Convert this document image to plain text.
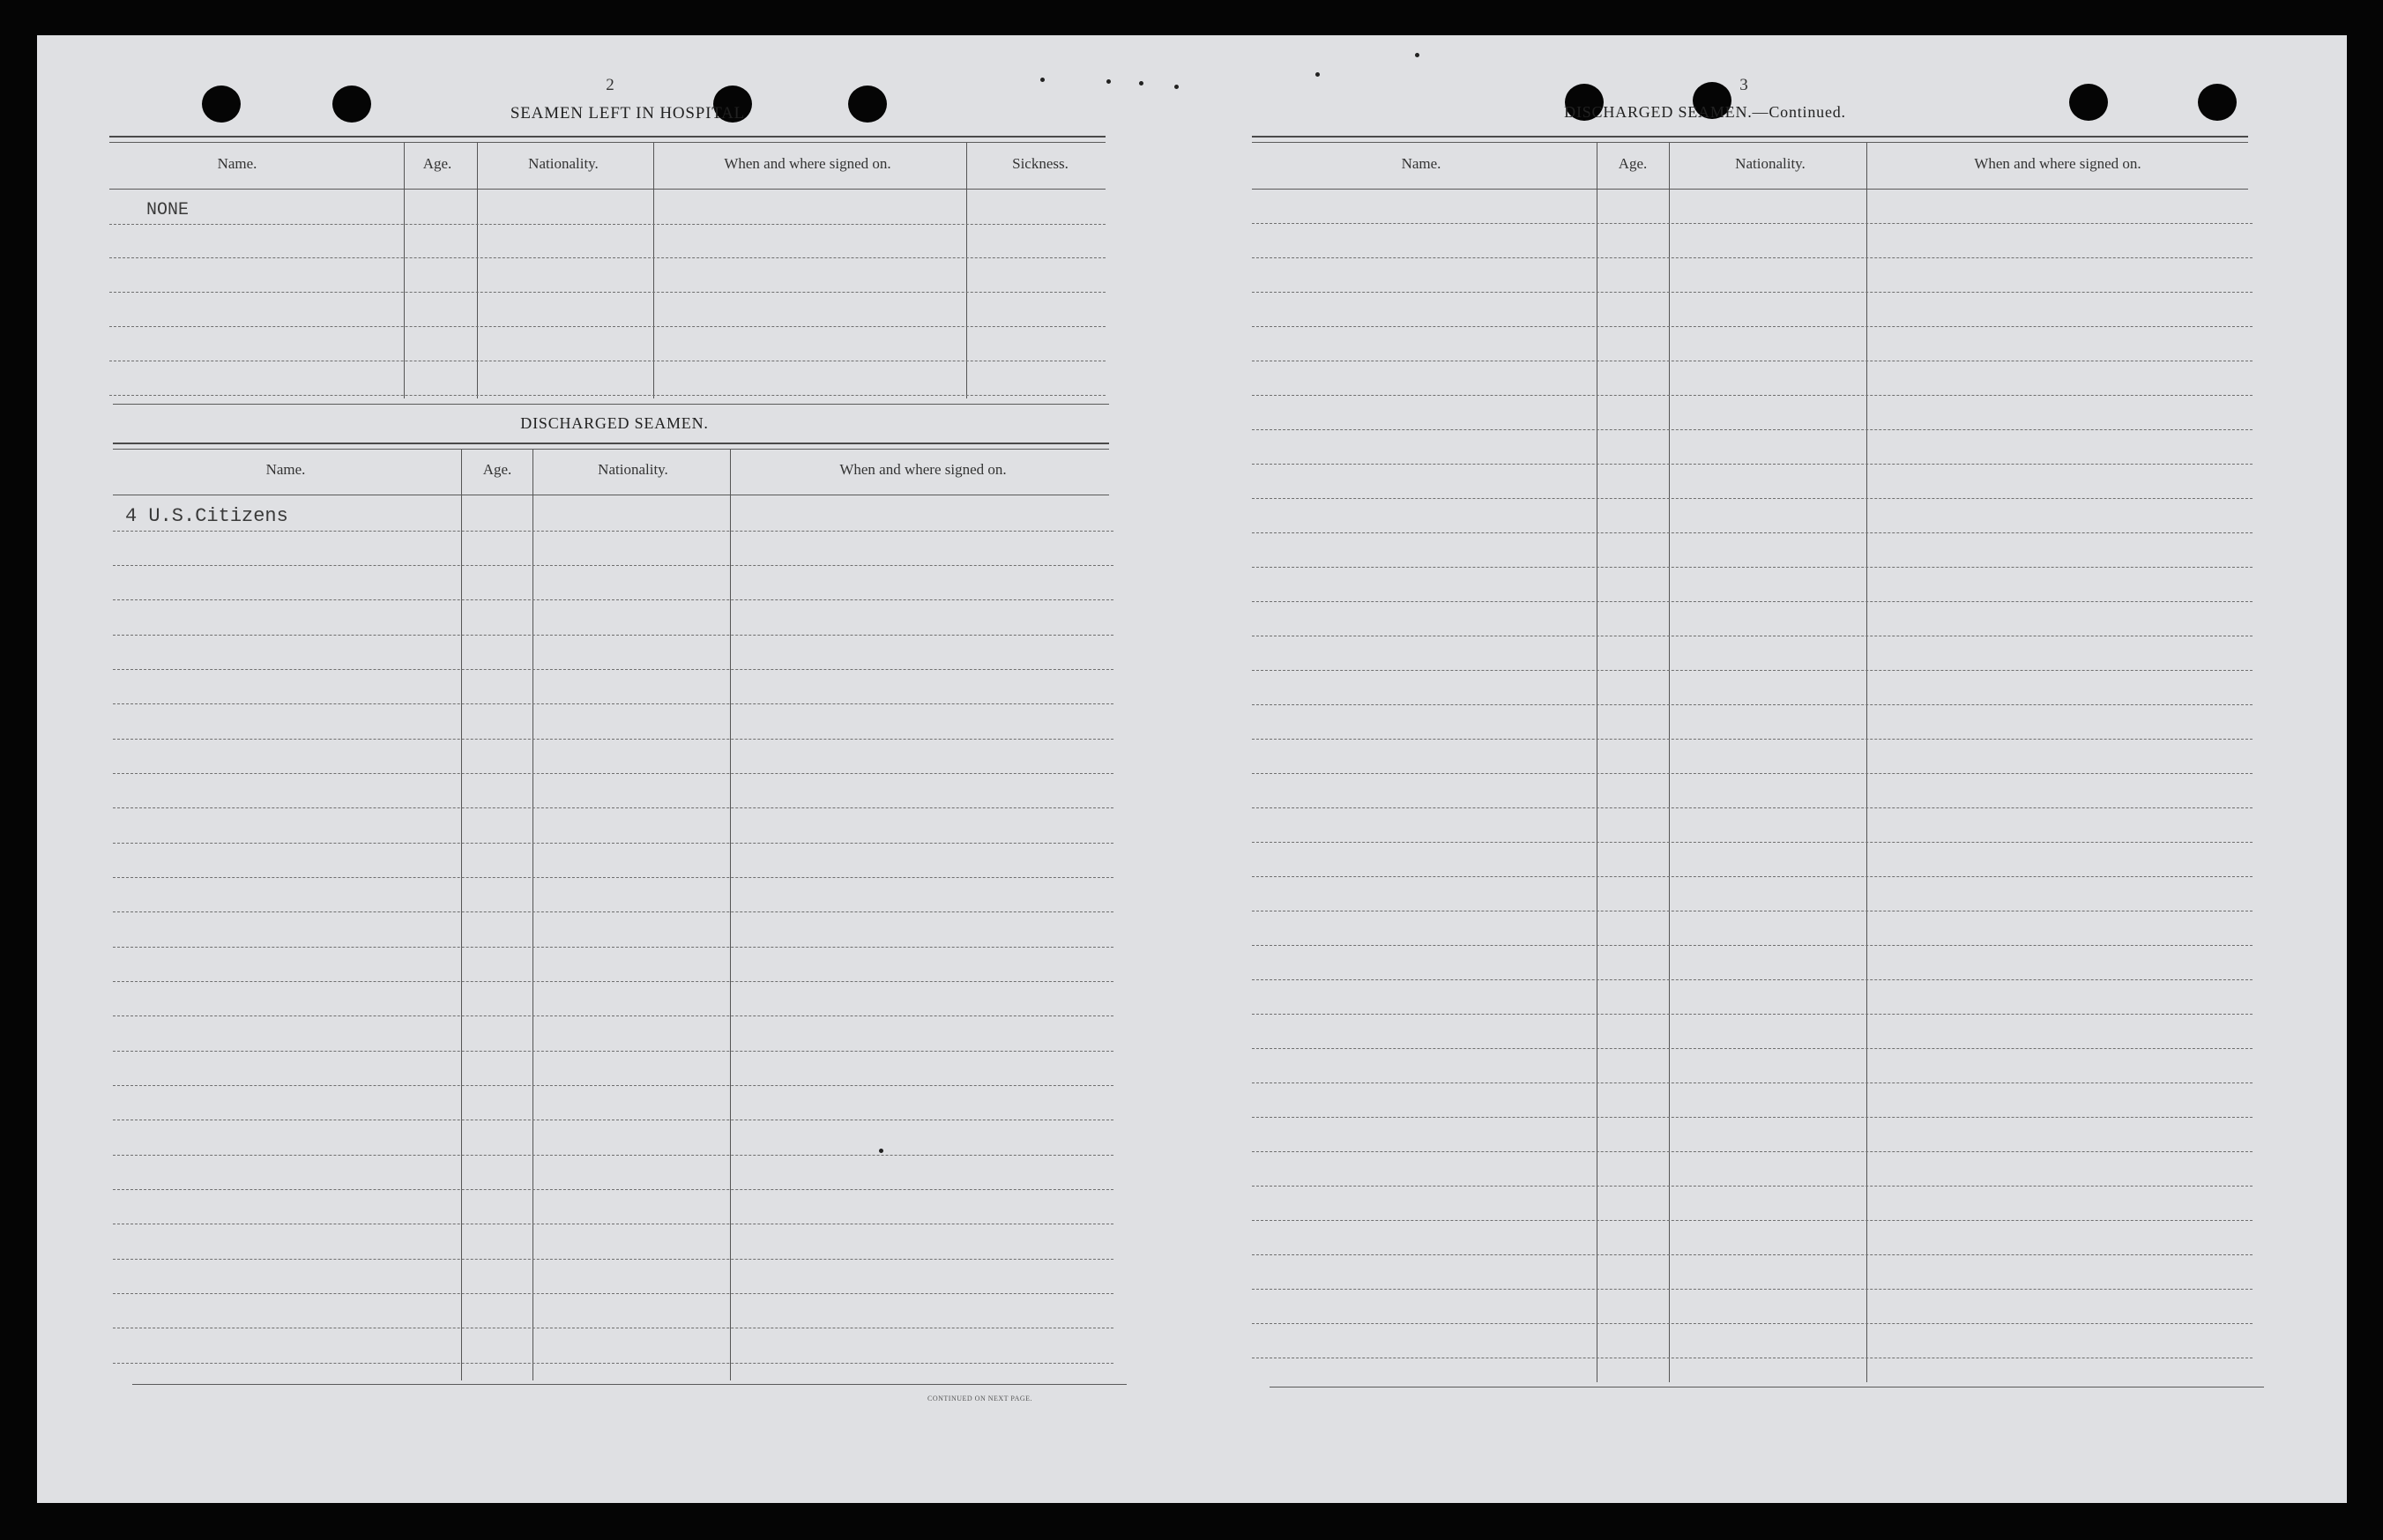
2
SEAMEN LEFT IN HOSPITAL
Name.	Age.	Nationality.	When and where signed on.	Sickness.
NONE
DISCHARGED SEAMEN.
Name.	Age.	Nationality.	When and where signed on.
4 U.S.Citizens
CONTINUED ON NEXT PAGE.
3
DISCHARGED SEAMEN.—Continued.
Name.	Age.	Nationality.	When and where signed on.
